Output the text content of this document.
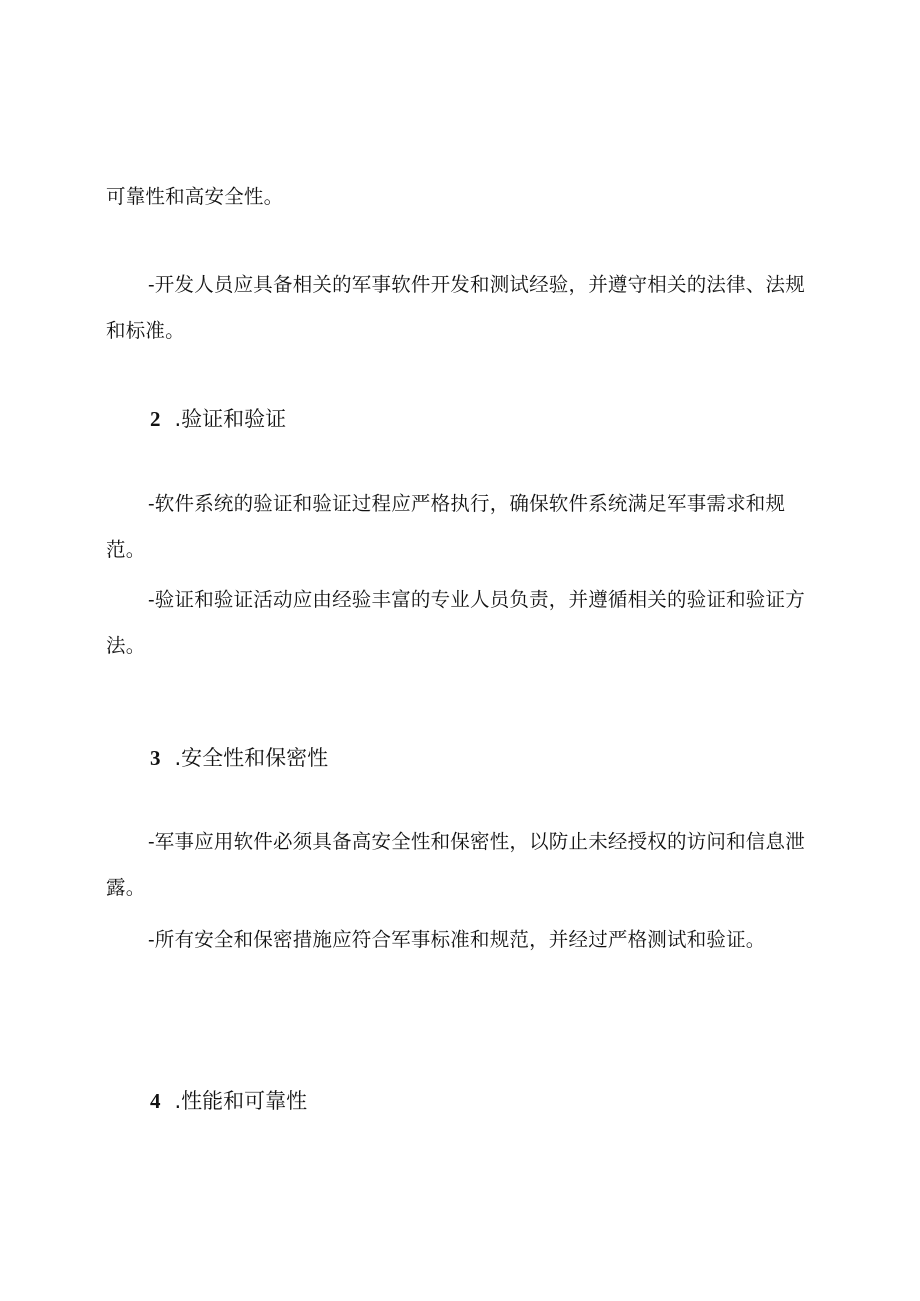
可靠性和高安全性。

-开发人员应具备相关的军事软件开发和测试经验，并遵守相关的法律、法规和标准。

2 .验证和验证

-软件系统的验证和验证过程应严格执行，确保软件系统满足军事需求和规范。

-验证和验证活动应由经验丰富的专业人员负责，并遵循相关的验证和验证方法。

3 .安全性和保密性

-军事应用软件必须具备高安全性和保密性，以防止未经授权的访问和信息泄露。

-所有安全和保密措施应符合军事标准和规范，并经过严格测试和验证。

4 .性能和可靠性
